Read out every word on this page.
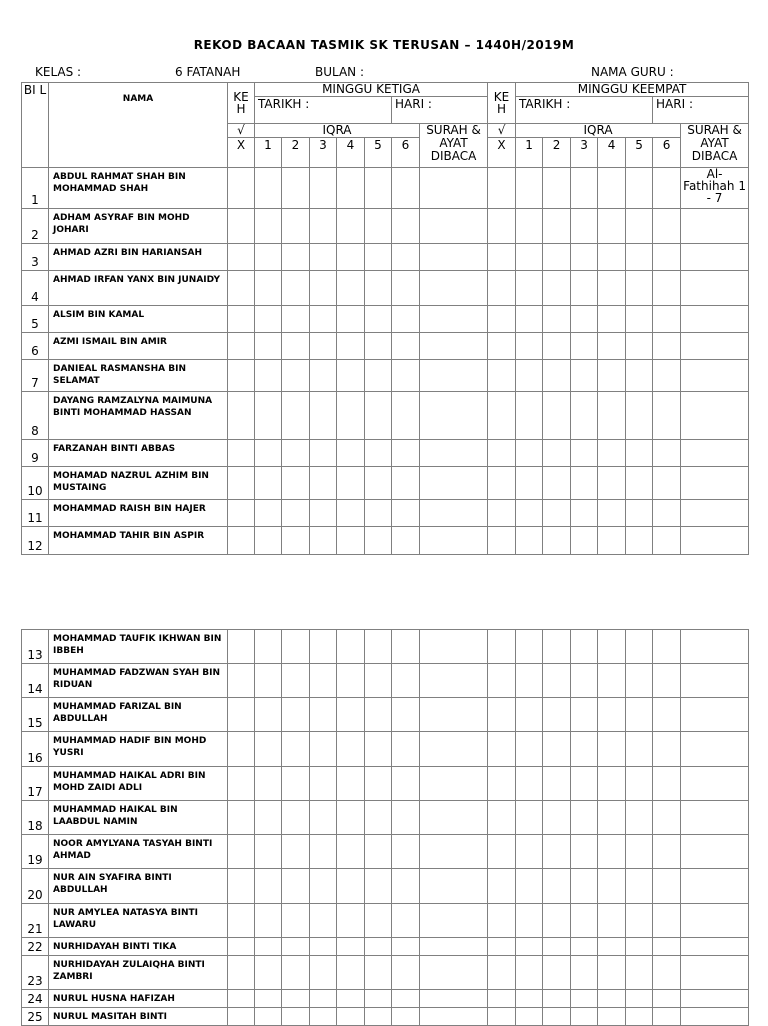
REKOD BACAAN TASMIK SK TERUSAN – 1440H/2019M
KELAS :	6 FATANAH	BULAN :	NAMA GURU :
BI L	NAMA	KE H	MINGGU KETIGA							KE H	MINGGU KEEMPAT						
			TARIKH :					HARI :			TARIKH :					HARI :	
		√	IQRA						SURAH & AYAT DIBACA	√	IQRA						SURAH & AYAT DIBACA
		X	1	2	3	4	5	6		X	1	2	3	4	5	6	
1	ABDUL RAHMAT SHAH BIN MOHAMMAD SHAH																Al-Fathihah 1 - 7
2	ADHAM ASYRAF BIN MOHD JOHARI																
3	AHMAD AZRI BIN HARIANSAH																
4	AHMAD IRFAN YANX BIN JUNAIDY																
5	ALSIM BIN KAMAL																
6	AZMI ISMAIL BIN AMIR																
7	DANIEAL RASMANSHA BIN SELAMAT																
8	DAYANG RAMZALYNA MAIMUNA BINTI MOHAMMAD HASSAN																
9	FARZANAH BINTI ABBAS																
10	MOHAMAD NAZRUL AZHIM BIN MUSTAING																
11	MOHAMMAD RAISH BIN HAJER																
12	MOHAMMAD TAHIR BIN ASPIR																
13	MOHAMMAD TAUFIK IKHWAN BIN IBBEH																
14	MUHAMMAD FADZWAN SYAH BIN RIDUAN																
15	MUHAMMAD FARIZAL BIN ABDULLAH																
16	MUHAMMAD HADIF BIN MOHD YUSRI																
17	MUHAMMAD HAIKAL ADRI BIN MOHD ZAIDI ADLI																
18	MUHAMMAD HAIKAL BIN LAABDUL NAMIN																
19	NOOR AMYLYANA TASYAH BINTI AHMAD																
20	NUR AIN SYAFIRA BINTI ABDULLAH																
21	NUR AMYLEA NATASYA BINTI LAWARU																
22	NURHIDAYAH BINTI TIKA																
23	NURHIDAYAH ZULAIQHA BINTI ZAMBRI																
24	NURUL HUSNA HAFIZAH																
25	NURUL MASITAH BINTI																
